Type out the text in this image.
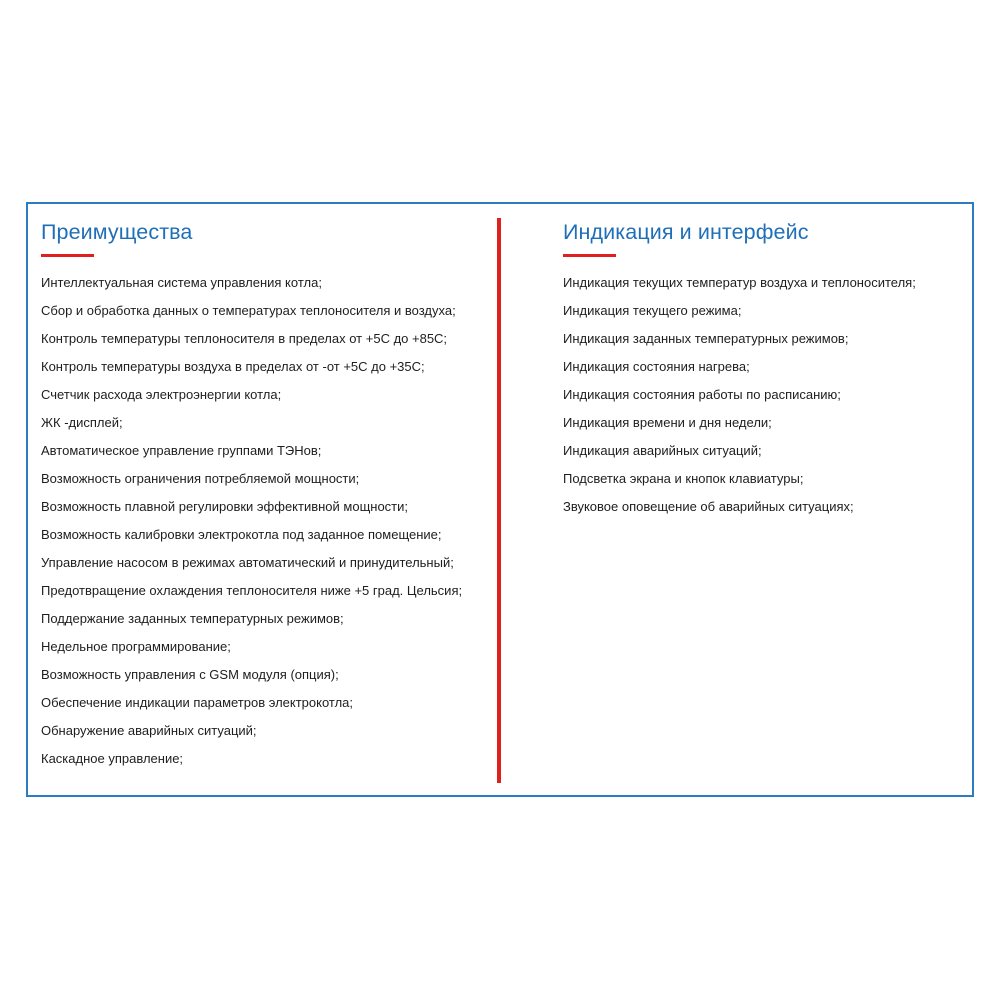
Преимущества
Интеллектуальная система управления котла;
Сбор и обработка данных о температурах теплоносителя и воздуха;
Контроль температуры теплоносителя в пределах от +5С до +85С;
Контроль температуры воздуха в пределах от -от +5С до +35С;
Счетчик расхода электроэнергии котла;
ЖК -дисплей;
Автоматическое управление группами ТЭНов;
Возможность ограничения потребляемой мощности;
Возможность плавной регулировки эффективной мощности;
Возможность калибровки электрокотла под заданное помещение;
Управление насосом в режимах автоматический и принудительный;
Предотвращение охлаждения теплоносителя ниже +5 град. Цельсия;
Поддержание заданных температурных режимов;
Недельное программирование;
Возможность управления с GSM модуля (опция);
Обеспечение индикации параметров электрокотла;
Обнаружение аварийных ситуаций;
Каскадное управление;
Индикация и интерфейс
Индикация текущих температур воздуха и теплоносителя;
Индикация текущего режима;
Индикация заданных температурных режимов;
Индикация состояния нагрева;
Индикация состояния работы по расписанию;
Индикация времени и дня недели;
Индикация аварийных ситуаций;
Подсветка экрана и кнопок клавиатуры;
Звуковое оповещение об аварийных ситуациях;
